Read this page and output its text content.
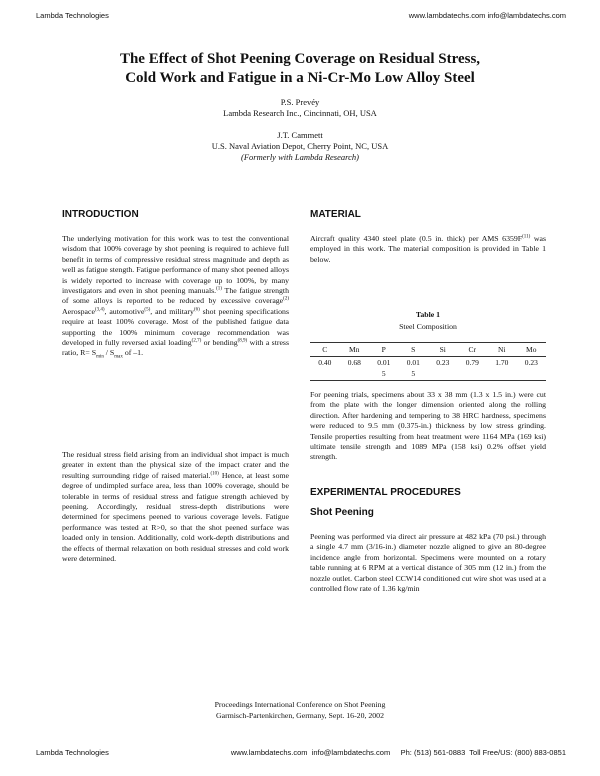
Lambda Technologies	www.lambdatechs.com info@lambdatechs.com
The Effect of Shot Peening Coverage on Residual Stress,
Cold Work and Fatigue in a Ni-Cr-Mo Low Alloy Steel
P.S. Prevéy
Lambda Research Inc., Cincinnati, OH, USA
J.T. Cammett
U.S. Naval Aviation Depot, Cherry Point, NC, USA
(Formerly with Lambda Research)
INTRODUCTION

The underlying motivation for this work was to test the conventional wisdom that 100% coverage by shot peening is required to achieve full benefit in terms of compressive residual stress magnitude and depth as well as fatigue stength. Fatigue performance of many shot peened alloys is widely reported to increase with coverage up to 100%, by many investigators and even in shot peening manuals.$^{(1)}$ The fatigue strength of some alloys is reported to be reduced by excessive coverage$^{(2)}$ Aerospace$^{(3,4)}$, automotive$^{(5)}$, and military$^{(6)}$ shot peening specifications require at least 100% coverage. Most of the published fatigue data supporting the 100% minimum coverage recommendation was developed in fully reversed axial loading$^{(2,7)}$ or bending$^{(8,9)}$ with a stress ratio, $R= S_{min} / S_{max}$ of –1.

The residual stress field arising from an individual shot impact is much greater in extent than the physical size of the impact crater and the resulting surrounding ridge of raised material.$^{(10)}$ Hence, at least some degree of undimpled surface area, less than 100% coverage, should be tolerable in terms of residual stress and fatigue strength achieved by peening. Accordingly, residual stress-depth distributions were determined for specimens peened to various coverage levels. Fatigue performance was tested at R>0, so that the shot peened surface was loaded only in tension. Additionally, cold work-depth distributions and the effects of thermal relaxation on both residual stresses and cold work were determined.

MATERIAL

Aircraft quality 4340 steel plate (0.5 in. thick) per AMS $6359F^{(11)}$ was employed in this work. The material composition is provided in Table 1 below.

Table 1
Steel Composition
C	Mn	P	S	Si	Cr	Ni	Mo
0.40	0.68	0.01	0.01	0.23	0.79	1.70	0.23
		5	5				

For peening trials, specimens about 33 x 38 mm (1.3 x 1.5 in.) were cut from the plate with the longer dimension oriented along the rolling direction. After hardening and tempering to 38 HRC hardness, specimens were reduced to 9.5 mm (0.375-in.) thickness by low stress grinding. Tensile properties resulting from heat treatment were 1164 MPa (169 ksi) ultimate tensile strength and 1089 MPa (158 ksi) 0.2% offset yield strength.

EXPERIMENTAL PROCEDURES
Shot Peening

Peening was performed via direct air pressure at 482 kPa (70 psi.) through a single 4.7 mm (3/16-in.) diameter nozzle aligned to give an 80-degree incidence angle from horizontal. Specimens were mounted on a rotary table running at 6 RPM at a vertical distance of 305 mm (12 in.) from the nozzle outlet. Carbon steel CCW14 conditioned cut wire shot was used at a controlled flow rate of 1.36 kg/min

Proceedings International Conference on Shot Peening
Garmisch-Partenkirchen, Germany, Sept. 16-20, 2002
Lambda Technologies	www.lambdatechs.com  info@lambdatechs.com     Ph: (513) 561-0883  Toll Free/US: (800) 883-0851
